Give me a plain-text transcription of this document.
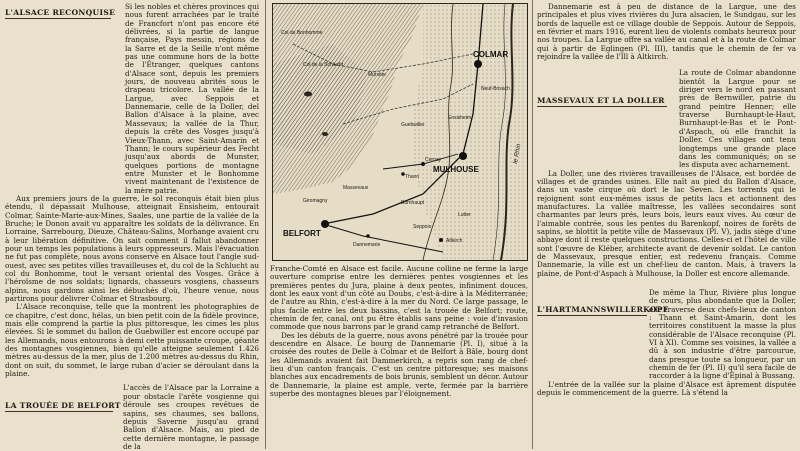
L'ALSACE RECONQUISE

Si les nobles et chères provinces qui nous furent arrachées par le traité de Francfort n'ont pas encore été délivrées, si la partie de langue française, Pays messin, régions de la Sarre et de la Seille n'ont même pas une commune hors de la botte de l'Étranger, quelques cantons d'Alsace sont, depuis les premiers jours, de nouveau abrités sous le drapeau tricolore. La vallée de la Largue, avec Seppois et Dannemarie, celle de la Doller, del Ballon d'Alsace à la plaine, avec Massevaux; la vallée de la Thur, depuis la crête des Vosges jusqu'à Vieux-Thann, avec Saint-Amarin et Thann; le cours supérieur des Fecht jusqu'aux abords de Munster, quelques portions de montagne entre Munster et le Bonhomme vivent maintenant de l'existence de la mère patrie.

Aux premiers jours de la guerre, le sol reconquis était bien plus étendu, il dépassait Mulhouse, atteignait Ensisheim, entourait Colmar, Sainte-Marie-aux-Mines, Saales, une partie de la vallée de la Bruche; le Donon avait vu apparaître les soldats de la délivrance. En Lorraine, Sarrebourg, Dieuze, Château-Salins, Morhange avaient cru à leur libération définitive. On sait comment il fallut abandonner pour un temps les populations à leurs oppresseurs. Mais l'évacuation ne fut pas complète, nous avons conservé en Alsace tout l'angle sud-ouest, avec ses petites villes travailleuses et, du col de la Schlucht au col du Bonhomme, tout le versant oriental des Vosges. Grâce à l'héroïsme de nos soldats; lignards, chasseurs vosgiens, chasseurs alpins, nous gardons ainsi les débuchés d'où, l'heure venue, nous partirons pour délivrer Colmar et Strasbourg.

L'Alsace reconquise, telle que la montrent les photographies de ce chapitre, c'est donc, hélas, un bien petit coin de la fidèle province, mais elle comprend la partie la plus pittoresque, les cimes les plus élevées. Si le sommet du ballon de Guebwiller est encore occupé par les Allemands, nous entourons à demi cette puissante croupe, géante des montagnes vosgiennes, bien qu'elle atteigne seulement 1.426 mètres au-dessus de la mer, plus de 1.200 mètres au-dessus du Rhin, dont on suit, du sommet, le large ruban d'acier se déroulant dans la plaine.

L'accès de l'Alsace par la Lorraine a pour obstacle l'arête vosgienne qui déroule ses croupes revêtues de sapins, ses chaumes, ses ballons, depuis Saverne jusqu'au grand Ballon d'Alsace. Mais, au pied de cette dernière montagne, le passage de la

LA TROUÉE DE BELFORT
COLMAR
MULHOUSE
BELFORT
Cernay
Altkirch
Thann
Dannemarie
Munster
Ensisheim
Neuf-Brisach
Col du Bonhomme
Col de la Schlucht
Massevaux
Guebwiller
Seppois
Burnhaupt
Lutter
Giromagny
le Rhin

Franche-Comté en Alsace est facile. Aucune colline ne ferme la large ouverture comprise entre les dernières pentes vosgiennes et les premières pentes du Jura, plaine à deux pentes, infiniment douces, dont les eaux vont d'un côté au Doubs, c'est-à-dire à la Méditerranée; de l'autre au Rhin, c'est-à-dire à la mer du Nord. Ce large passage, le plus facile entre les deux bassins, c'est la trouée de Belfort; route, chemin de fer, canal, ont pu être établis sans peine : voie d'invasion commode que nous barrons par le grand camp retranché de Belfort.

Des les débuts de la guerre, nous avons pénétré par la trouée pour descendre en Alsace. Le bourg de Dannemarie (Pl. I), situé à la croisée des routes de Delle à Colmar et de Belfort à Bâle, bourg dont les Allemands avaient fait Dammerkirch, a repris son rang de chef-lieu d'un canton français. C'est un centre pittoresque; ses maisons blanches aux encadrements de bois brunis, semblent un décor. Autour de Dannemarie, la plaine est ample, verte, fermée par la barrière superbe des montagnes bleues par l'éloignement.

Dannemarie est à peu de distance de la Largue, une des principales et plus vives rivières du Jura alsacien, le Sundgau, sur les bords de laquelle est ce village double de Seppois. Autour de Seppois, en février et mars 1916, eurent lieu de violents combats heureux pour nos troupes. La Largue offre sa vallée au canal et à la route de Colmar qui à partir de Eglingen (Pl. III), tandis que le chemin de fer va rejoindre la vallée de l'Ill à Altkirch.

La route de Colmar abandonne bientôt la Largue pour se diriger vers le nord en passant près de Bernwiller, patrie du grand peintre Henner; elle traverse Burnhaupt-le-Haut, Burnhaupt-le-Bas et le Pont-d'Aspach, où elle franchit la Doller. Ces villages ont tenu longtemps une grande place dans les communiqués; on se les disputa avec acharnement.

La Doller, une des rivières travailleuses de l'Alsace, est bordée de villages et de grandes usines. Elle naît au pied du Ballon d'Alsace, dans un vaste cirque où dort le lac Seven. Les torrents qui le rejoignent sont eux-mêmes issus de petits lacs et actionnent des manufactures. La vallée maîtresse, les vallées secondaires sont charmantes par leurs prés, leurs bois, leurs eaux vives. Au cœur de l'aimable contrée, sous les pentes du Barenkopf, noires de forêts de sapins, se blottit la petite ville de Massevaux (Pl. V), jadis siège d'une abbaye dont il reste quelques constructions. Celles-ci et l'hôtel de ville sont l'œuvre de Kléber, architecte avant de devenir soldat. Le canton de Massevaux, presque entier, est redevenu français. Comme Dannemarie, la ville est un chef-lieu de canton. Mais, à travers la plaine, de Pont-d'Aspach à Mulhouse, la Doller est encore allemande.

De même la Thur, Rivière plus longue de cours, plus abondante que la Doller, elle traverse deux chefs-lieux de canton : Thann et Saint-Amarin, dont les territoires constituent la masse la plus considérable de l'Alsace reconquise (Pl. VI à XI). Comme ses voisines, la vallée a dû à son industrie d'être parcourue, dans presque toute sa longueur, par un chemin de fer (Pl. II) qu'il sera facile de raccorder à la ligne d'Epinal à Bussang.

L'entrée de la vallée sur la plaine d'Alsace est âprement disputée depuis le commencement de la guerre. Là s'étend la

MASSEVAUX ET LA DOLLER
L'HARTMANNSWILLERKOPF
